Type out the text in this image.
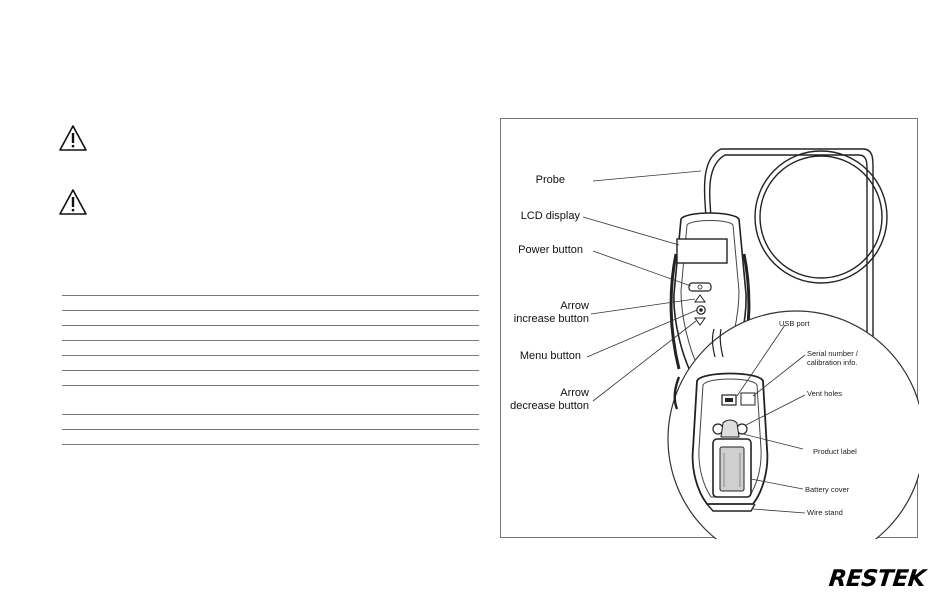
Probe
LCD display
Power button
Arrow
increase button
Menu button
Arrow
decrease button
USB port
Serial number /
calibration info.
Vent holes
Product label
Battery cover
Wire stand
RESTEK
